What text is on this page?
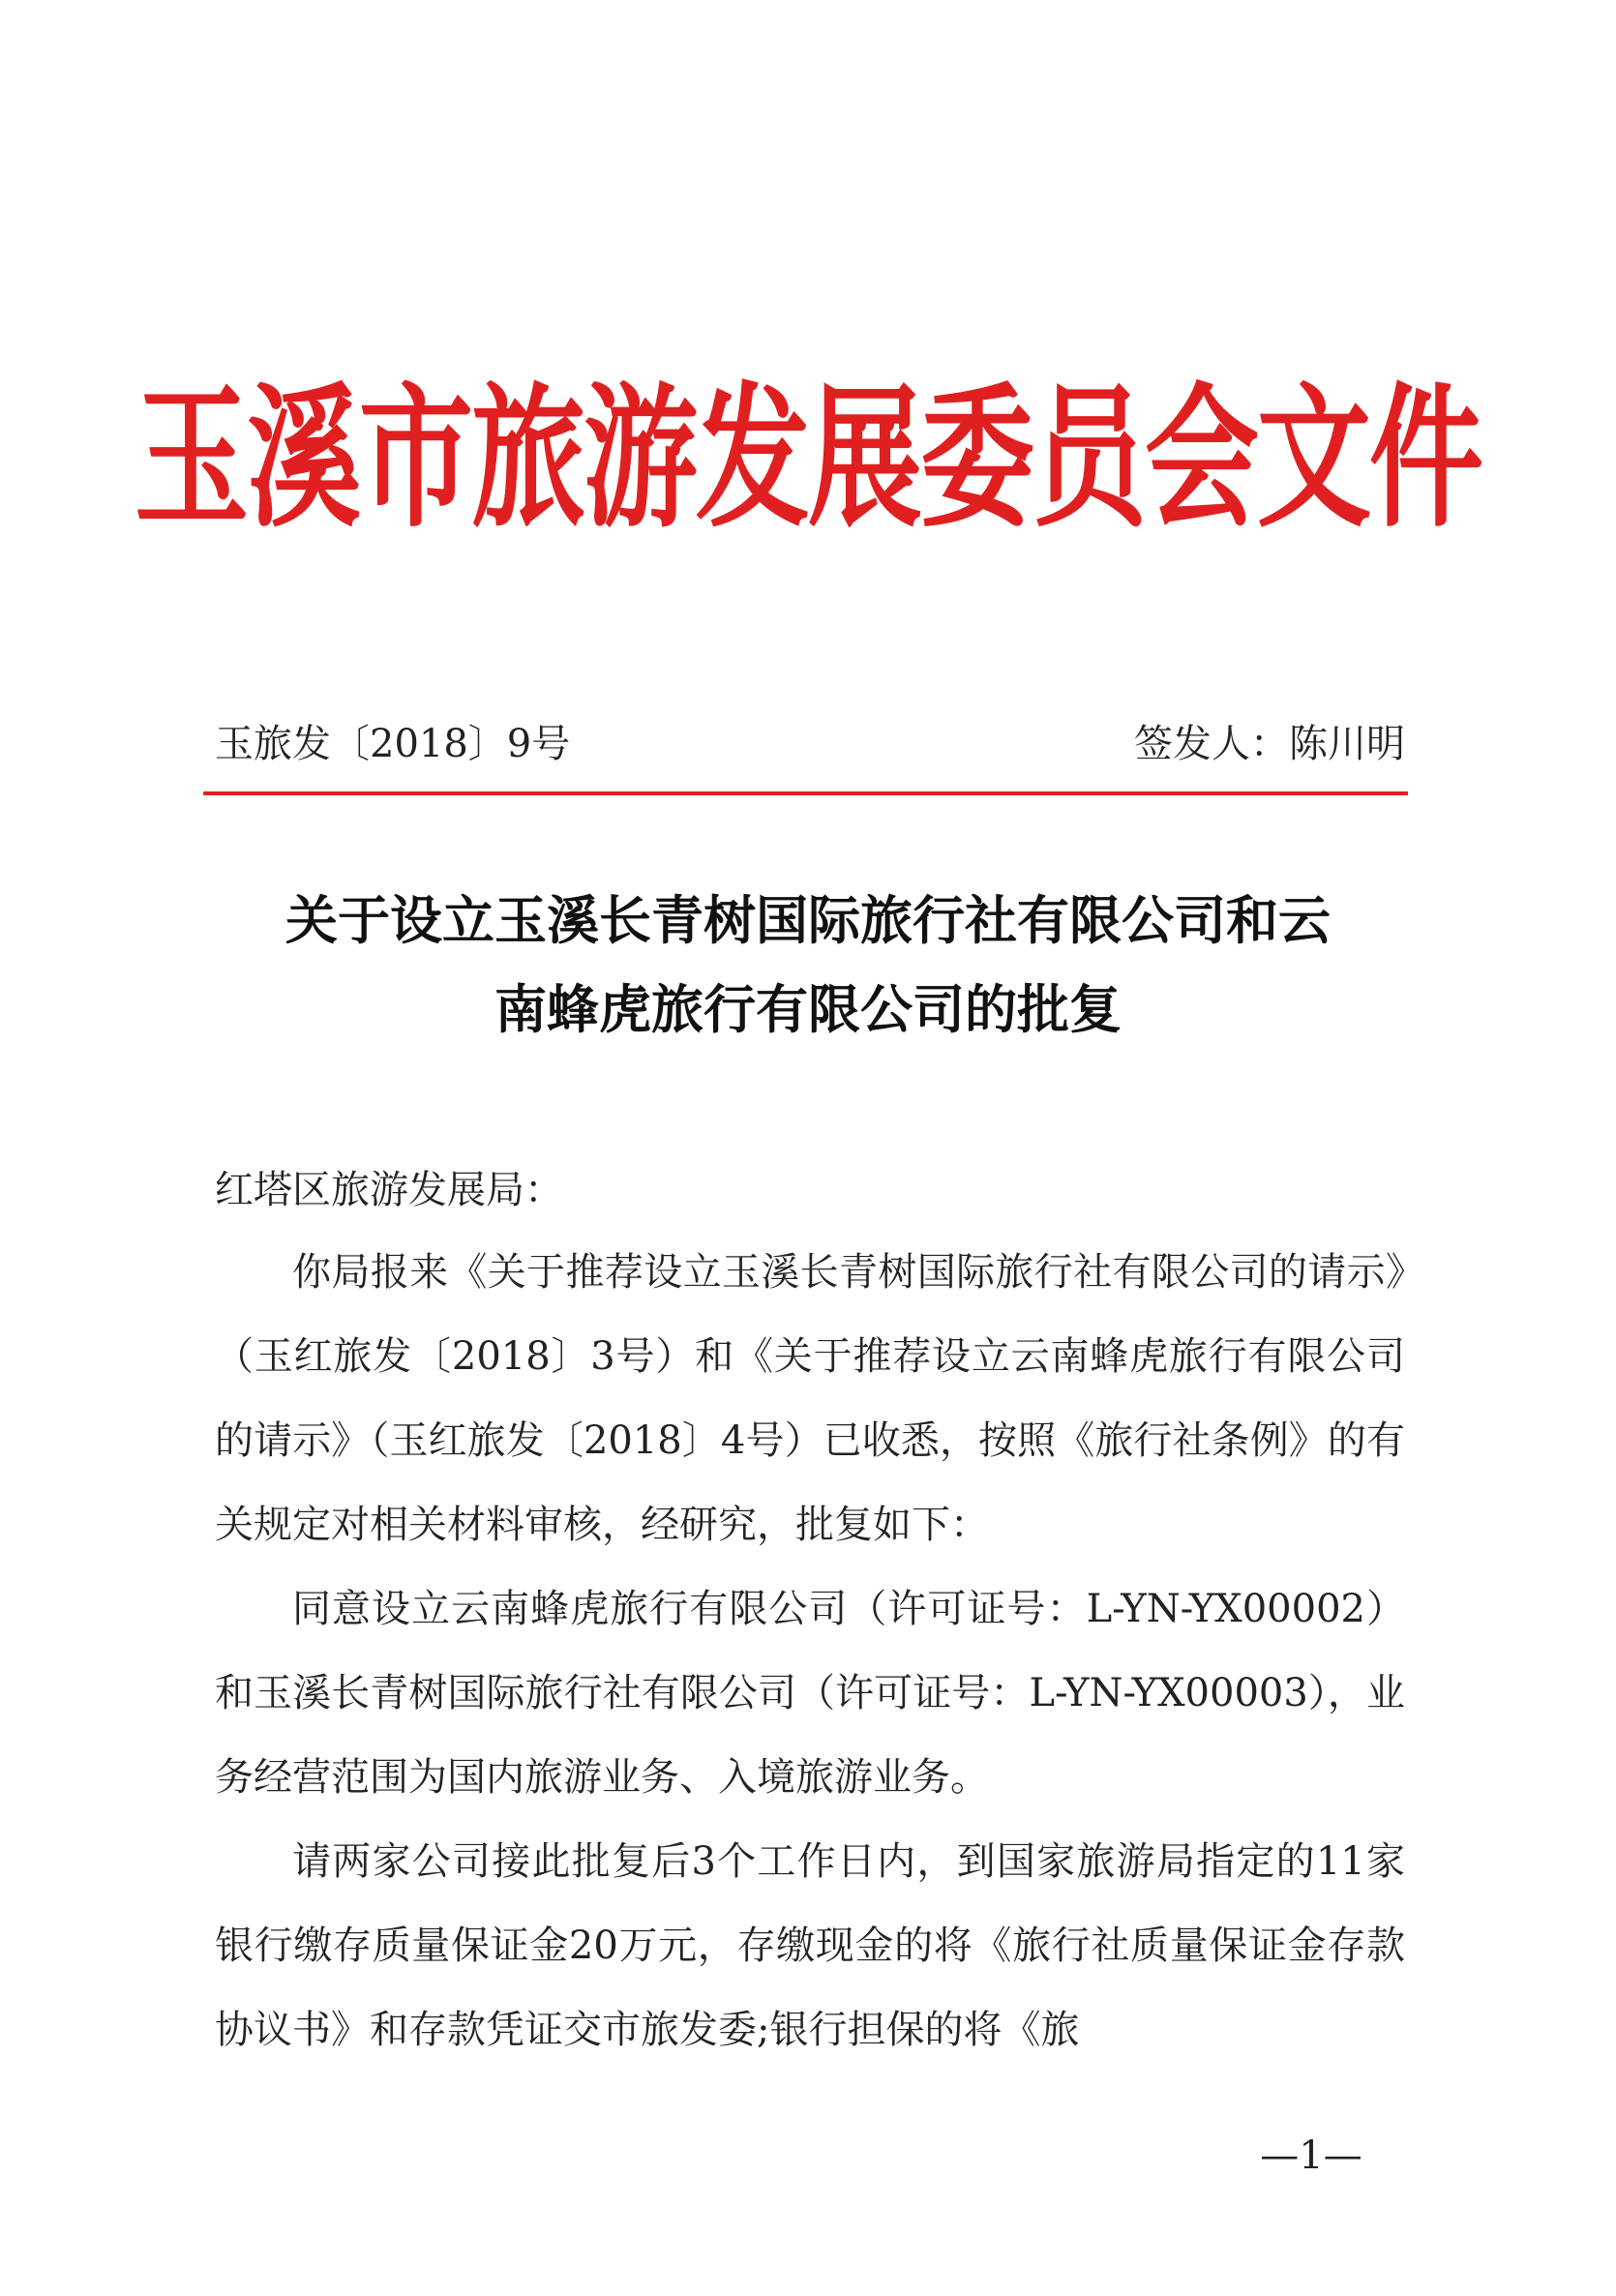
玉溪市旅游发展委员会文件
玉旅发〔2018〕9号	签发人：陈川明
关于设立玉溪长青树国际旅行社有限公司和云
南蜂虎旅行有限公司的批复
红塔区旅游发展局：

你局报来《关于推荐设立玉溪长青树国际旅行社有限公司的请示》（玉红旅发〔2018〕3号）和《关于推荐设立云南蜂虎旅行有限公司的请示》（玉红旅发〔2018〕4号）已收悉，按照《旅行社条例》的有关规定对相关材料审核，经研究，批复如下：

同意设立云南蜂虎旅行有限公司（许可证号：L-YN-YX00002）和玉溪长青树国际旅行社有限公司（许可证号：L-YN-YX00003），业务经营范围为国内旅游业务、入境旅游业务。

请两家公司接此批复后3个工作日内，到国家旅游局指定的11家银行缴存质量保证金20万元，存缴现金的将《旅行社质量保证金存款协议书》和存款凭证交市旅发委;银行担保的将《旅

—1—
